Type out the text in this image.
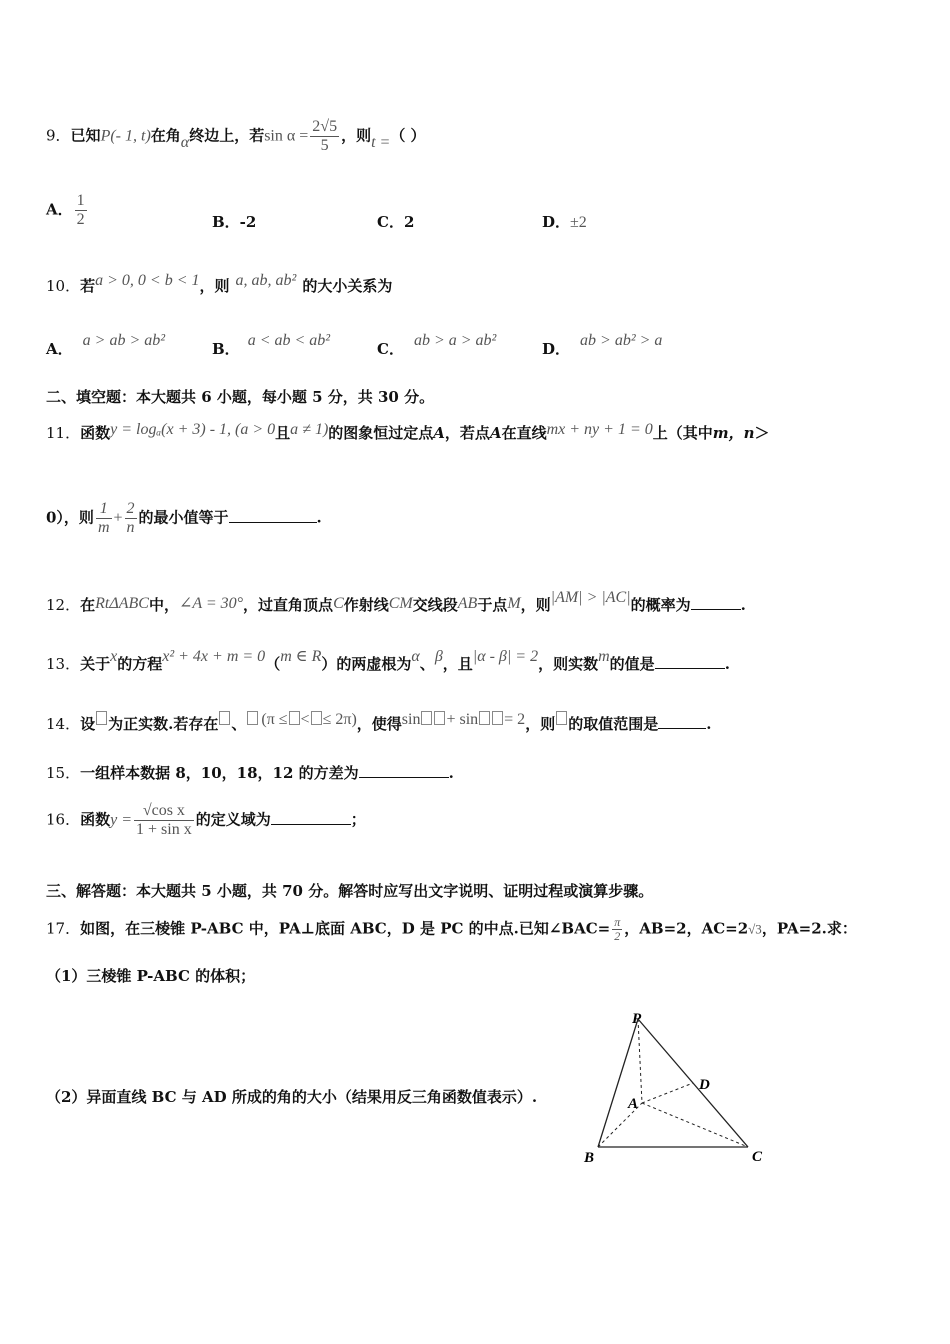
9．已知P(- 1, t)在角α终边上，若$\sin \alpha = \frac{2√5}{5}$ ，则t =（ ）
A． $\frac{1}{2}$	B．-2	C．2	D．±2
10．若a > 0, 0 < b < 1，则 a, ab, ab² 的大小关系为
A． a > ab > ab²	B． a < ab < ab²	C． ab > a > ab²	D． ab > ab² > a
二、填空题：本大题共 6 小题，每小题 5 分，共 30 分。
11．函数y = logₐ(x + 3) - 1, (a > 0且a ≠ 1)的图象恒过定点A，若点A在直线mx + ny + 1 = 0上（其中m，n＞
0），则 $\frac{1}{m} + \frac{2}{n}$ 的最小值等于	.
12．在RtΔABC中，∠A = 30°，过直角顶点C作射线CM交线段AB于点M，则|AM| > |AC|的概率为	.
13．关于x的方程x² + 4x + m = 0（m ∈ R）的两虚根为α、β，且|α - β| = 2，则实数m的值是	.
14．设 为正实数.若存在 、 (π ≤ < ≤ 2π)，使得sin + sin = 2，则 的取值范围是	.
15．一组样本数据 8，10，18，12 的方差为	.
16．函数$y = \frac{\text{√cos x}}{\text{1 + sin x}}$ 的定义域为	；
三、解答题：本大题共 5 小题，共 70 分。解答时应写出文字说明、证明过程或演算步骤。
17．如图，在三棱锥 P-ABC 中，PA⊥底面 ABC，D 是 PC 的中点.已知∠BAC= $\frac{\pi}{2}$ ，AB=2，AC=2√3，PA=2.求：
（1）三棱锥 P-ABC 的体积；
（2）异面直线 BC 与 AD 所成的角的大小（结果用反三角函数值表示）.
P
A
B	C
D
